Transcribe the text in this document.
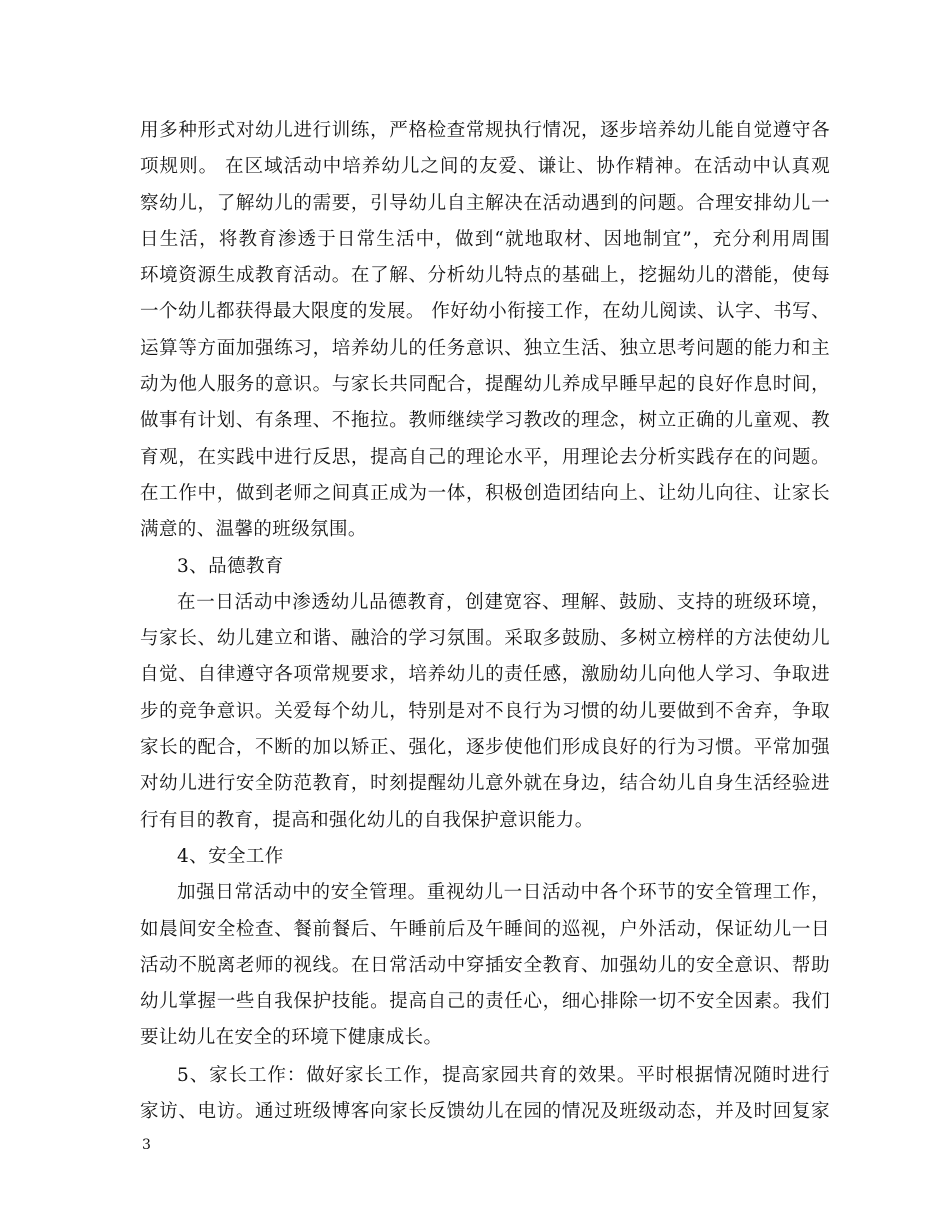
用多种形式对幼儿进行训练，严格检查常规执行情况，逐步培养幼儿能自觉遵守各
项规则。 在区域活动中培养幼儿之间的友爱、谦让、协作精神。在活动中认真观
察幼儿，了解幼儿的需要，引导幼儿自主解决在活动遇到的问题。合理安排幼儿一
日生活，将教育渗透于日常生活中，做到“就地取材、因地制宜”，充分利用周围
环境资源生成教育活动。在了解、分析幼儿特点的基础上，挖掘幼儿的潜能，使每
一个幼儿都获得最大限度的发展。 作好幼小衔接工作，在幼儿阅读、认字、书写、
运算等方面加强练习，培养幼儿的任务意识、独立生活、独立思考问题的能力和主
动为他人服务的意识。与家长共同配合，提醒幼儿养成早睡早起的良好作息时间，
做事有计划、有条理、不拖拉。教师继续学习教改的理念，树立正确的儿童观、教
育观，在实践中进行反思，提高自己的理论水平，用理论去分析实践存在的问题。
在工作中，做到老师之间真正成为一体，积极创造团结向上、让幼儿向往、让家长
满意的、温馨的班级氛围。
3、品德教育
在一日活动中渗透幼儿品德教育，创建宽容、理解、鼓励、支持的班级环境，
与家长、幼儿建立和谐、融洽的学习氛围。采取多鼓励、多树立榜样的方法使幼儿
自觉、自律遵守各项常规要求，培养幼儿的责任感，激励幼儿向他人学习、争取进
步的竞争意识。关爱每个幼儿，特别是对不良行为习惯的幼儿要做到不舍弃，争取
家长的配合，不断的加以矫正、强化，逐步使他们形成良好的行为习惯。平常加强
对幼儿进行安全防范教育，时刻提醒幼儿意外就在身边，结合幼儿自身生活经验进
行有目的教育，提高和强化幼儿的自我保护意识能力。
4、安全工作
加强日常活动中的安全管理。重视幼儿一日活动中各个环节的安全管理工作，
如晨间安全检查、餐前餐后、午睡前后及午睡间的巡视，户外活动，保证幼儿一日
活动不脱离老师的视线。在日常活动中穿插安全教育、加强幼儿的安全意识、帮助
幼儿掌握一些自我保护技能。提高自己的责任心，细心排除一切不安全因素。我们
要让幼儿在安全的环境下健康成长。
5、家长工作：做好家长工作，提高家园共育的效果。平时根据情况随时进行
家访、电访。通过班级博客向家长反馈幼儿在园的情况及班级动态，并及时回复家
3
